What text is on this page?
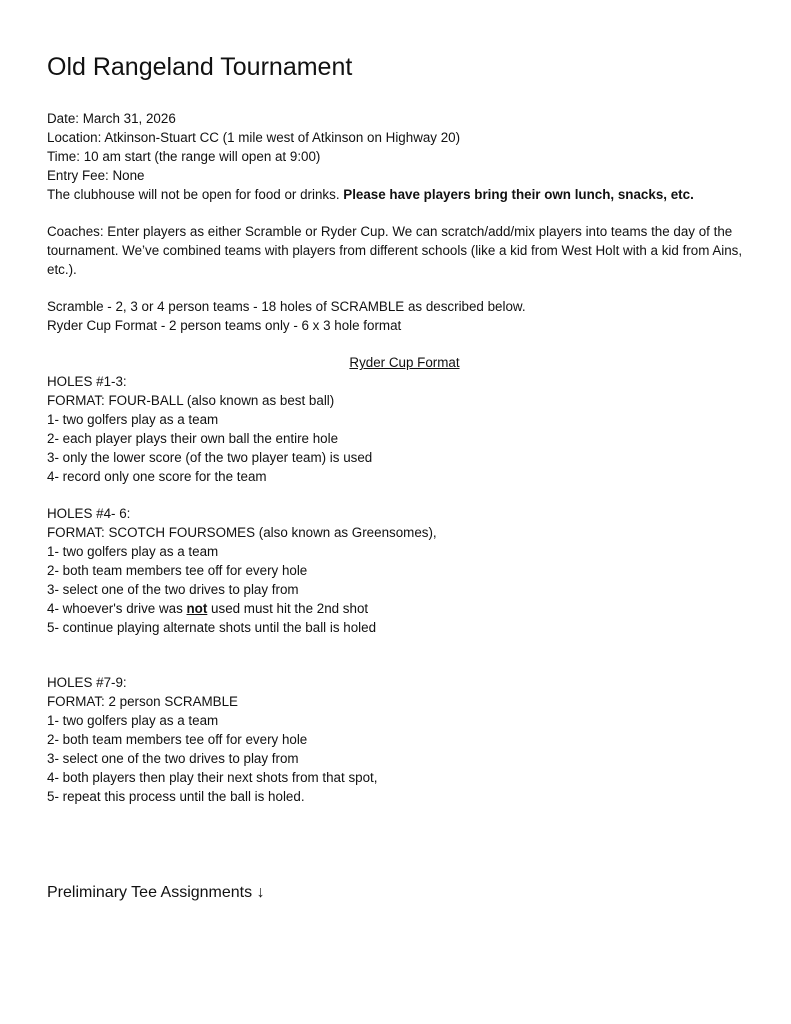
Old Rangeland Tournament
Date: March 31, 2026
Location: Atkinson-Stuart CC (1 mile west of Atkinson on Highway 20)
Time: 10 am start (the range will open at 9:00)
Entry Fee: None
The clubhouse will not be open for food or drinks. Please have players bring their own lunch, snacks, etc.
Coaches: Enter players as either Scramble or Ryder Cup. We can scratch/add/mix players into teams the day of the tournament. We’ve combined teams with players from different schools (like a kid from West Holt with a kid from Ains, etc.).
Scramble - 2, 3 or 4 person teams - 18 holes of SCRAMBLE as described below.
Ryder Cup Format - 2 person teams only - 6 x 3 hole format
Ryder Cup Format
HOLES #1-3:
FORMAT: FOUR-BALL (also known as best ball)
1- two golfers play as a team
2- each player plays their own ball the entire hole
3- only the lower score (of the two player team) is used
4- record only one score for the team
HOLES #4- 6:
FORMAT: SCOTCH FOURSOMES (also known as Greensomes),
1- two golfers play as a team
2- both team members tee off for every hole
3- select one of the two drives to play from
4- whoever's drive was not used must hit the 2nd shot
5- continue playing alternate shots until the ball is holed
HOLES #7-9:
FORMAT: 2 person SCRAMBLE
1- two golfers play as a team
2- both team members tee off for every hole
3- select one of the two drives to play from
4- both players then play their next shots from that spot,
5- repeat this process until the ball is holed.
Preliminary Tee Assignments ↓
